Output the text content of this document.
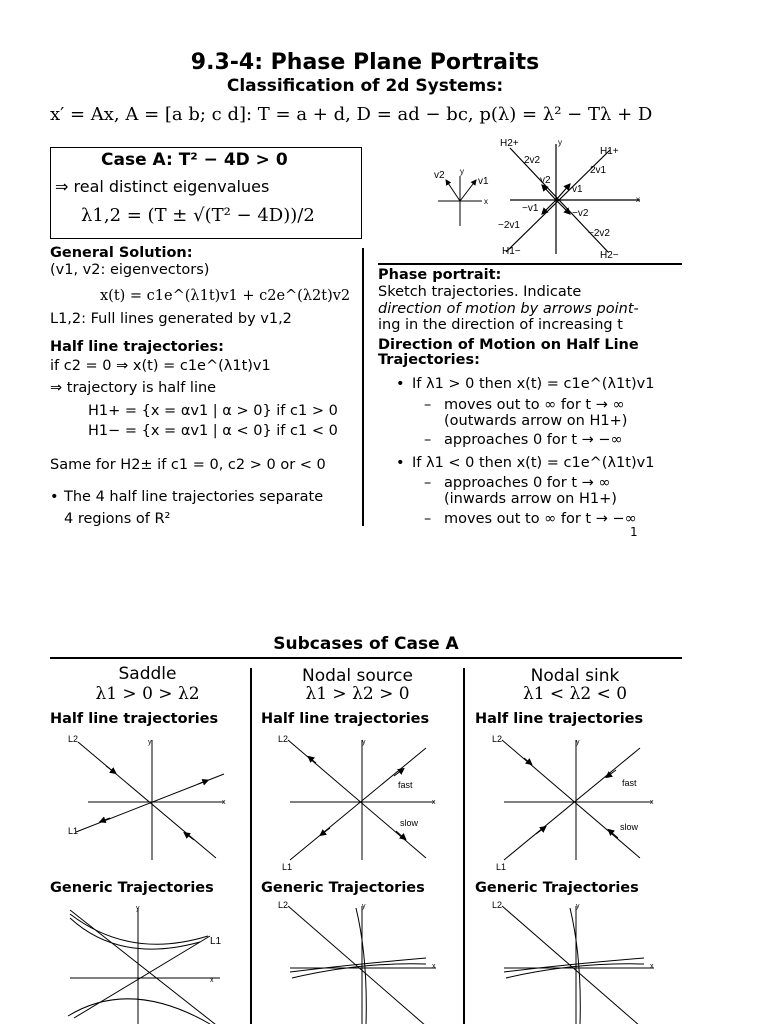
9.3-4: Phase Plane Portraits
Classification of 2d Systems:
x′ = Ax, A = [a b; c d]: T = a + d, D = ad − bc, p(λ) = λ² − Tλ + D
Case A: T² − 4D > 0
⇒ real distinct eigenvalues
λ1,2 = (T ± √(T² − 4D))/2
General Solution:
(v1, v2: eigenvectors)
x(t) = c1e^(λ1t)v1 + c2e^(λ2t)v2
L1,2: Full lines generated by v1,2
Half line trajectories:
if c2 = 0 ⇒ x(t) = c1e^(λ1t)v1
⇒ trajectory is half line
H1+ = {x = αv1 | α > 0} if c1 > 0
H1− = {x = αv1 | α < 0} if c1 < 0
Same for H2± if c1 = 0, c2 > 0 or < 0
• The 4 half line trajectories separate
4 regions of R²
Phase portrait:
Sketch trajectories. Indicate
direction of motion by arrows point-
ing in the direction of increasing t
Direction of Motion on Half Line
Trajectories:
• If λ1 > 0 then x(t) = c1e^(λ1t)v1
– moves out to ∞ for t → ∞
(outwards arrow on H1+)
– approaches 0 for t → −∞
• If λ1 < 0 then x(t) = c1e^(λ1t)v1
– approaches 0 for t → ∞
(inwards arrow on H1+)
– moves out to ∞ for t → −∞
1
v1
v2 y
x
H2+
H1+
H1−	H2−
2v2
v2
2v1
v1
−v1	−v2
−2v1
−2v2
y
x
Subcases of Case A
Saddle
λ1 > 0 > λ2
Nodal source
λ1 > λ2 > 0
Nodal sink
λ1 < λ2 < 0
Half line trajectories	Half line trajectories	Half line trajectories
Generic Trajectories	Generic Trajectories	Generic Trajectories
L2
L1
y
x
L2
L1
y
x
fast
slow
L2
L1
y
x
fast
slow
L1
y
x
L2	y
x
L2	y
x
